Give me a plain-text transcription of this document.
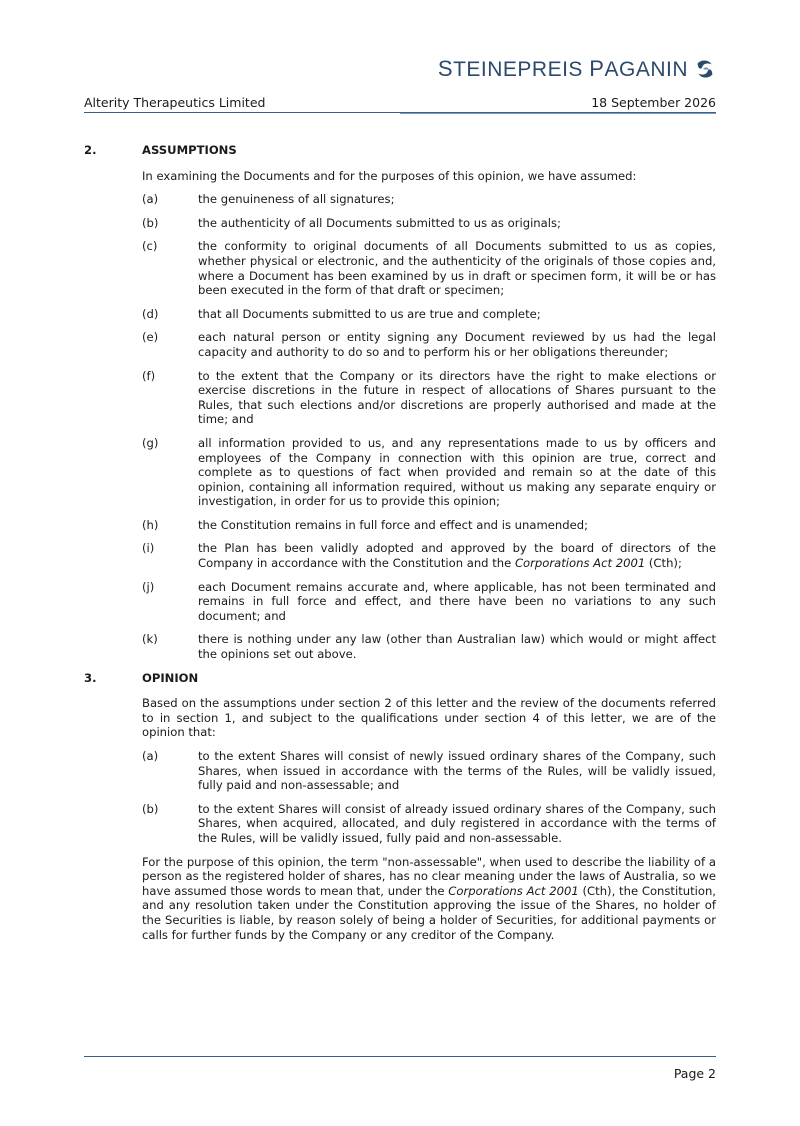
STEINEPREIS PAGANIN
Alterity Therapeutics Limited	18 September 2026
2.	ASSUMPTIONS
In examining the Documents and for the purposes of this opinion, we have assumed:
(a)	the genuineness of all signatures;
(b)	the authenticity of all Documents submitted to us as originals;
(c)	the conformity to original documents of all Documents submitted to us as copies, whether physical or electronic, and the authenticity of the originals of those copies and, where a Document has been examined by us in draft or specimen form, it will be or has been executed in the form of that draft or specimen;
(d)	that all Documents submitted to us are true and complete;
(e)	each natural person or entity signing any Document reviewed by us had the legal capacity and authority to do so and to perform his or her obligations thereunder;
(f)	to the extent that the Company or its directors have the right to make elections or exercise discretions in the future in respect of allocations of Shares pursuant to the Rules, that such elections and/or discretions are properly authorised and made at the time; and
(g)	all information provided to us, and any representations made to us by officers and employees of the Company in connection with this opinion are true, correct and complete as to questions of fact when provided and remain so at the date of this opinion, containing all information required, without us making any separate enquiry or investigation, in order for us to provide this opinion;
(h)	the Constitution remains in full force and effect and is unamended;
(i)	the Plan has been validly adopted and approved by the board of directors of the Company in accordance with the Constitution and the Corporations Act 2001 (Cth);
(j)	each Document remains accurate and, where applicable, has not been terminated and remains in full force and effect, and there have been no variations to any such document; and
(k)	there is nothing under any law (other than Australian law) which would or might affect the opinions set out above.
3.	OPINION
Based on the assumptions under section 2 of this letter and the review of the documents referred to in section 1, and subject to the qualifications under section 4 of this letter, we are of the opinion that:
(a)	to the extent Shares will consist of newly issued ordinary shares of the Company, such Shares, when issued in accordance with the terms of the Rules, will be validly issued, fully paid and non-assessable; and
(b)	to the extent Shares will consist of already issued ordinary shares of the Company, such Shares, when acquired, allocated, and duly registered in accordance with the terms of the Rules, will be validly issued, fully paid and non-assessable.
For the purpose of this opinion, the term "non-assessable", when used to describe the liability of a person as the registered holder of shares, has no clear meaning under the laws of Australia, so we have assumed those words to mean that, under the Corporations Act 2001 (Cth), the Constitution, and any resolution taken under the Constitution approving the issue of the Shares, no holder of the Securities is liable, by reason solely of being a holder of Securities, for additional payments or calls for further funds by the Company or any creditor of the Company.
Page 2
